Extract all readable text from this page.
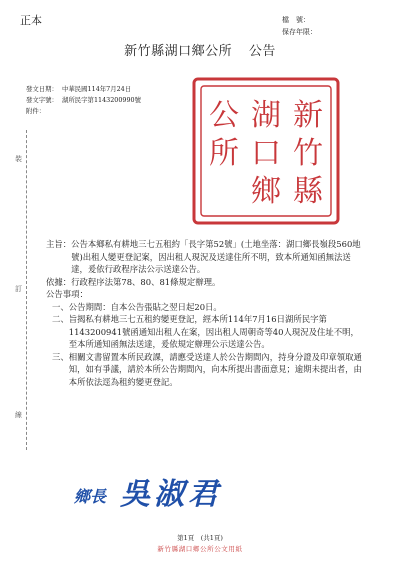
正本	檔　號：
保存年限：
新竹縣湖口鄉公所 公告
發文日期： 中華民國114年7月24日
發文字號： 湖所民字第1143200990號
附件：	新
竹
縣
湖
口
鄉
公
所
裝
訂
線
主旨： 公告本鄉私有耕地三七五租約「長字第52號」(土地坐落：湖口鄉長嶺段560地號)出租人變更登記案，因出租人現況及送達住所不明，致本所通知函無法送達，爰依行政程序法公示送達公告。
依據： 行政程序法第78、80、81條規定辦理。
公告事項：
一、 公告期間：自本公告張貼之翌日起20日。
二、 旨揭私有耕地三七五租約變更登記，經本所114年7月16日湖所民字第1143200941號函通知出租人在案，因出租人周朝奇等40人現況及住址不明，至本所通知函無法送達，爰依規定辦理公示送達公告。
三、 相關文書留置本所民政課，請應受送達人於公告期間內，持身分證及印章領取通知，如有爭議，請於本所公告期間內，向本所提出書面意見；逾期未提出者，由本所依法逕為租約變更登記。
鄉長 吳淑君
第1頁　(共1頁)
新竹縣湖口鄉公所公文用紙
